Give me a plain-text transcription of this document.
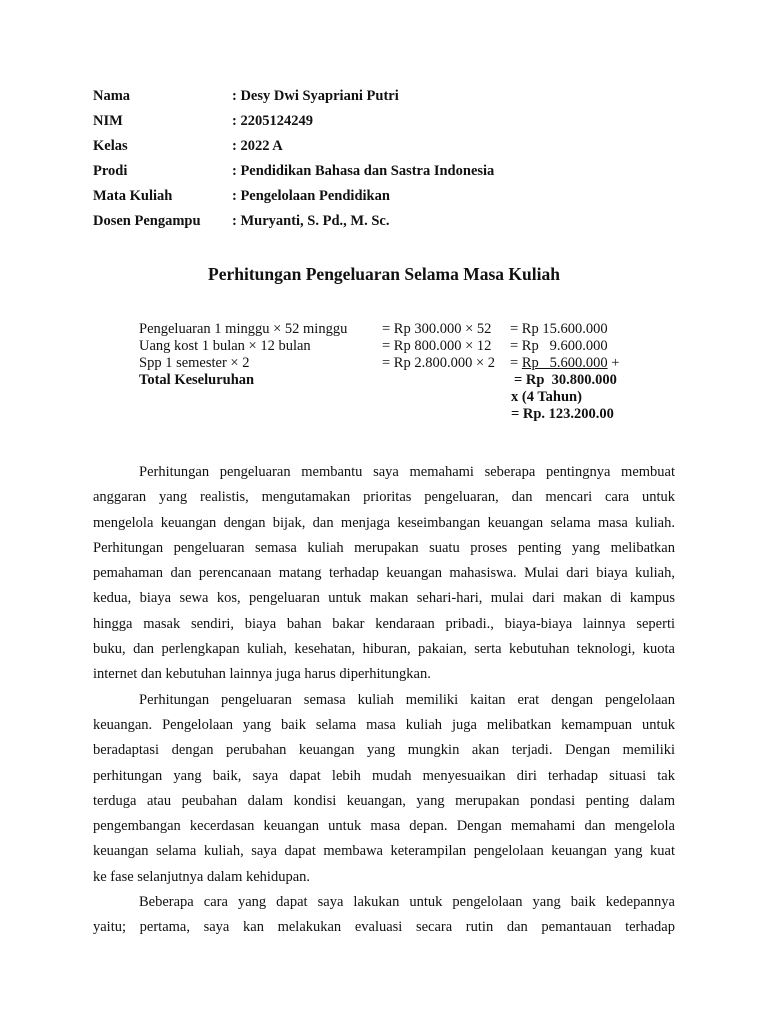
Nama	: Desy Dwi Syapriani Putri
NIM	: 2205124249
Kelas	: 2022 A
Prodi	: Pendidikan Bahasa dan Sastra Indonesia
Mata Kuliah	: Pengelolaan Pendidikan
Dosen Pengampu : Muryanti, S. Pd., M. Sc.
Perhitungan Pengeluaran Selama Masa Kuliah
Pengeluaran 1 minggu × 52 minggu = Rp 300.000 × 52 = Rp 15.600.000
Uang kost 1 bulan × 12 bulan	= Rp 800.000 × 12 = Rp   9.600.000
Spp 1 semester × 2	= Rp 2.800.000 × 2 = Rp   5.600.000 +
Total Keseluruhan	= Rp  30.800.000
x (4 Tahun)
= Rp. 123.200.00
Perhitungan pengeluaran membantu saya memahami seberapa pentingnya membuat
anggaran yang realistis, mengutamakan prioritas pengeluaran, dan mencari cara untuk
mengelola keuangan dengan bijak, dan menjaga keseimbangan keuangan selama masa kuliah.
Perhitungan pengeluaran semasa kuliah merupakan suatu proses penting yang melibatkan
pemahaman dan perencanaan matang terhadap keuangan mahasiswa. Mulai dari biaya kuliah,
kedua, biaya sewa kos, pengeluaran untuk makan sehari-hari, mulai dari makan di kampus
hingga masak sendiri, biaya bahan bakar kendaraan pribadi., biaya-biaya lainnya seperti
buku, dan perlengkapan kuliah, kesehatan, hiburan, pakaian, serta kebutuhan teknologi, kuota
internet dan kebutuhan lainnya juga harus diperhitungkan.
Perhitungan pengeluaran semasa kuliah memiliki kaitan erat dengan pengelolaan
keuangan. Pengelolaan yang baik selama masa kuliah juga melibatkan kemampuan untuk
beradaptasi dengan perubahan keuangan yang mungkin akan terjadi. Dengan memiliki
perhitungan yang baik, saya dapat lebih mudah menyesuaikan diri terhadap situasi tak
terduga atau peubahan dalam kondisi keuangan, yang merupakan pondasi penting dalam
pengembangan kecerdasan keuangan untuk masa depan. Dengan memahami dan mengelola
keuangan selama kuliah, saya dapat membawa keterampilan pengelolaan keuangan yang kuat
ke fase selanjutnya dalam kehidupan.
Beberapa cara yang dapat saya lakukan untuk pengelolaan yang baik kedepannya
yaitu; pertama, saya kan melakukan evaluasi secara rutin dan pemantauan terhadap
